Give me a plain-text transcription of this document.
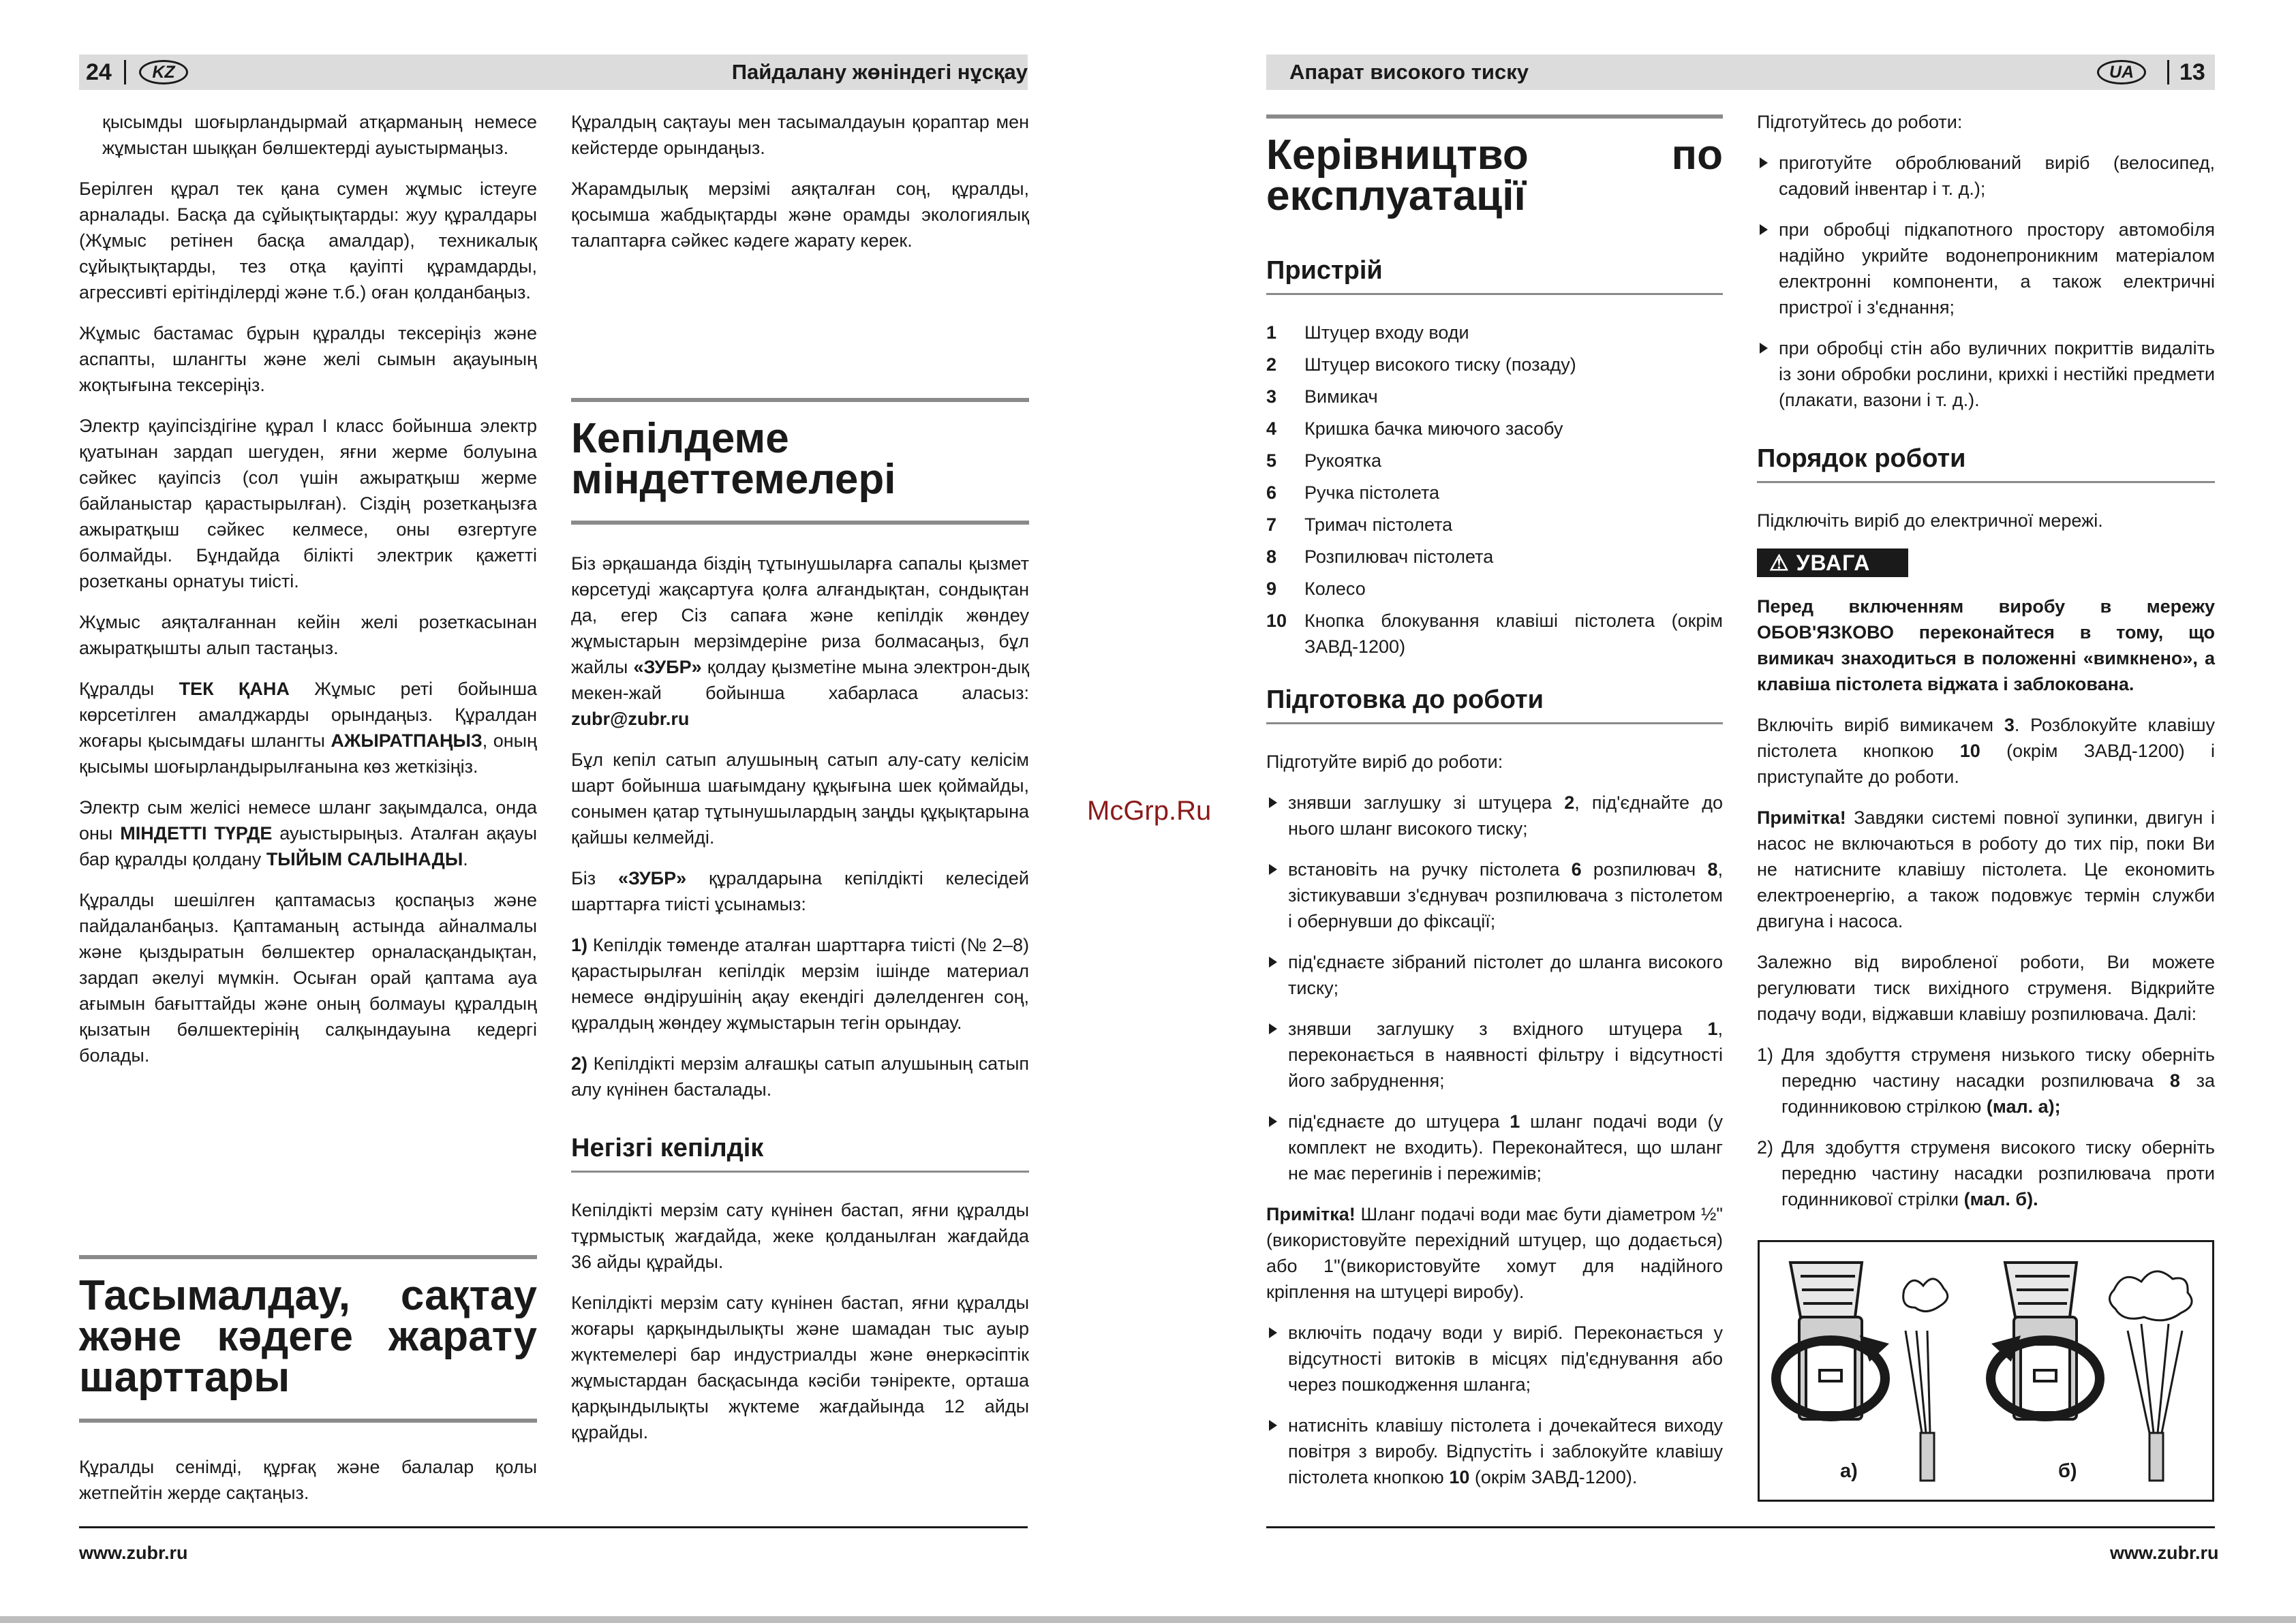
24	KZ	Пайдалану жөніндегі нұсқау

қысымды шоғырландырмай атқарманың немесе жұмыстан шыққан бөлшектерді ауыстырмаңыз.

Берілген құрал тек қана сумен жұмыс істеуге арналады. Басқа да сұйықтықтарды: жуу құралдары (Жұмыс ретінен басқа амалдар), техникалық сұйықтықтарды, тез отқа қауіпті құрамдарды, агрессивті ерітінділерді және т.б.) оған қолданбаңыз.

Жұмыс бастамас бұрын құралды тексеріңіз және аспапты, шлангты және желі сымын ақауының жоқтығына тексеріңіз.

Электр қауіпсіздігіне құрал I класс бойынша электр қуатынан зардап шегуден, яғни жерме болуына сәйкес қауіпсіз (сол үшін ажыратқыш жерме байланыстар қарастырылған). Сіздің розеткаңызға ажыратқыш сәйкес келмесе, оны өзгертуге болмайды. Бұндайда білікті электрик қажетті розетканы орнатуы тиісті.

Жұмыс аяқталғаннан кейін желі розеткасынан ажыратқышты алып тастаңыз.

Құралды ТЕК ҚАНА Жұмыс реті бойынша көрсетілген амалджарды орындаңыз. Құралдан жоғары қысымдағы шлангты АЖЫРАТПАҢЫЗ, оның қысымы шоғырландырылғанына көз жеткізіңіз.

Электр сым желісі немесе шланг зақымдалса, онда оны МІНДЕТТІ ТҮРДЕ ауыстырыңыз. Аталған ақауы бар құралды қолдану ТЫЙЫМ САЛЫНАДЫ.

Құралды шешілген қаптамасыз қоспаңыз және пайдаланбаңыз. Қаптаманың астында айналмалы және қыздыратын бөлшектер орналасқандықтан, зардап әкелуі мүмкін. Осыған орай қаптама ауа ағымын бағыттайды және оның болмауы құралдың қызатын бөлшектерінің салқындауына кедергі болады.

Тасымалдау, сақтау және кәдеге жарату шарттары

Құралды сенімді, құрғақ және балалар қолы жетпейтін жерде сақтаңыз.

Құралдың сақтауы мен тасымалдауын қораптар мен кейстерде орындаңыз.

Жарамдылық мерзімі аяқталған соң, құралды, қосымша жабдықтарды және орамды экологиялық талаптарға сәйкес кәдеге жарату керек.

Кепілдеме міндеттемелері

Біз әрқашанда біздің тұтынушыларға сапалы қызмет көрсетуді жақсартуға қолға алғандықтан, сондықтан да, егер Сіз сапаға және кепілдік жөндеу жұмыстарын мерзімдеріне риза болмасаңыз, бұл жайлы «ЗУБР» қолдау қызметіне мына электрон-дық мекен-жай бойынша хабарласа аласыз: zubr@zubr.ru

Бұл кепіл сатып алушының сатып алу-сату келісім шарт бойынша шағымдану құқығына шек қоймайды, сонымен қатар тұтынушылардың заңды құқықтарына қайшы келмейді.

Біз «ЗУБР» құралдарына кепілдікті келесідей шарттарға тиісті ұсынамыз:

1) Кепілдік төменде аталған шарттарға тиісті (№ 2–8) қарастырылған кепілдік мерзім ішінде материал немесе өндірушінің ақау екендігі дәлелденген соң, құралдың жөндеу жұмыстарын тегін орындау.

2) Кепілдікті мерзім алғашқы сатып алушының сатып алу күнінен басталады.

Негізгі кепілдік

Кепілдікті мерзім сату күнінен бастап, яғни құралды тұрмыстық жағдайда, жеке қолданылған жағдайда 36 айды құрайды.

Кепілдікті мерзім сату күнінен бастап, яғни құралды жоғары қарқындылықты және шамадан тыс ауыр жүктемелері бар индустриалды және өнеркәсіптік жұмыстардан басқасында кәсіби тәніректе, орташа қарқындылықты жүктеме жағдайында 12 айды құрайды.

www.zubr.ru
McGrp.Ru
Апарат високого тиску	UA	13
Керівництво по експлуатації
Пристрій
1	Штуцер входу води
2	Штуцер високого тиску (позаду)
3	Вимикач
4	Кришка бачка миючого засобу
5	Рукоятка
6	Ручка пістолета
7	Тримач пістолета
8	Розпилювач пістолета
9	Колесо
10 Кнопка блокування клавіші пістолета (окрім ЗАВД-1200)
Підготовка до роботи

Підготуйте виріб до роботи:

знявши заглушку зі штуцера 2, під'єднайте до нього шланг високого тиску;
встановіть на ручку пістолета 6 розпилювач 8, зістикувавши з'єднувач розпилювача з пістолетом і обернувши до фіксації;
під'єднаєте зібраний пістолет до шланга високого тиску;
знявши заглушку з вхідного штуцера 1, переконається в наявності фільтру і відсутності його забруднення;
під'єднаєте до штуцера 1 шланг подачі води (у комплект не входить). Переконайтеся, що шланг не має перегинів і пережимів;

Примітка! Шланг подачі води має бути діаметром ½" (використовуйте перехідний штуцер, що додається) або 1"(використовуйте хомут для надійного кріплення на штуцері виробу).

включіть подачу води у виріб. Переконається у відсутності витоків в місцях під'єднування або через пошкодження шланга;
натисніть клавішу пістолета і дочекайтеся виходу повітря з виробу. Відпустіть і заблокуйте клавішу пістолета кнопкою 10 (окрім ЗАВД-1200).

Підготуйтесь до роботи:

приготуйте оброблюваний виріб (велосипед, садовий інвентар і т. д.);
при обробці підкапотного простору автомобіля надійно укрийте водонепроникним матеріалом електронні компоненти, а також електричні пристрої і з'єднання;
при обробці стін або вуличних покриттів видаліть із зони обробки рослини, крихкі і нестійкі предмети (плакати, вазони і т. д.).
Порядок роботи

Підключіть виріб до електричної мережі.

⚠ УВАГА

Перед включенням виробу в мережу ОБОВ'ЯЗКОВО переконайтеся в тому, що вимикач знаходиться в положенні «вимкнено», а клавіша пістолета віджата і заблокована.

Включіть виріб вимикачем 3. Розблокуйте клавішу пістолета кнопкою 10 (окрім ЗАВД-1200) і приступайте до роботи.

Примітка! Завдяки системі повної зупинки, двигун і насос не включаються в роботу до тих пір, поки Ви не натисните клавішу пістолета. Це економить електроенергію, а також подовжує термін служби двигуна і насоса.

Залежно від виробленої роботи, Ви можете регулювати тиск вихідного струменя. Відкрийте подачу води, віджавши клавішу розпилювача. Далі:

1) Для здобуття струменя низького тиску оберніть передню частину насадки розпилювача 8 за годинниковою стрілкою (мал. а);

2) Для здобуття струменя високого тиску оберніть передню частину насадки розпилювача проти годинникової стрілки (мал. б).

www.zubr.ru
а)	б)
